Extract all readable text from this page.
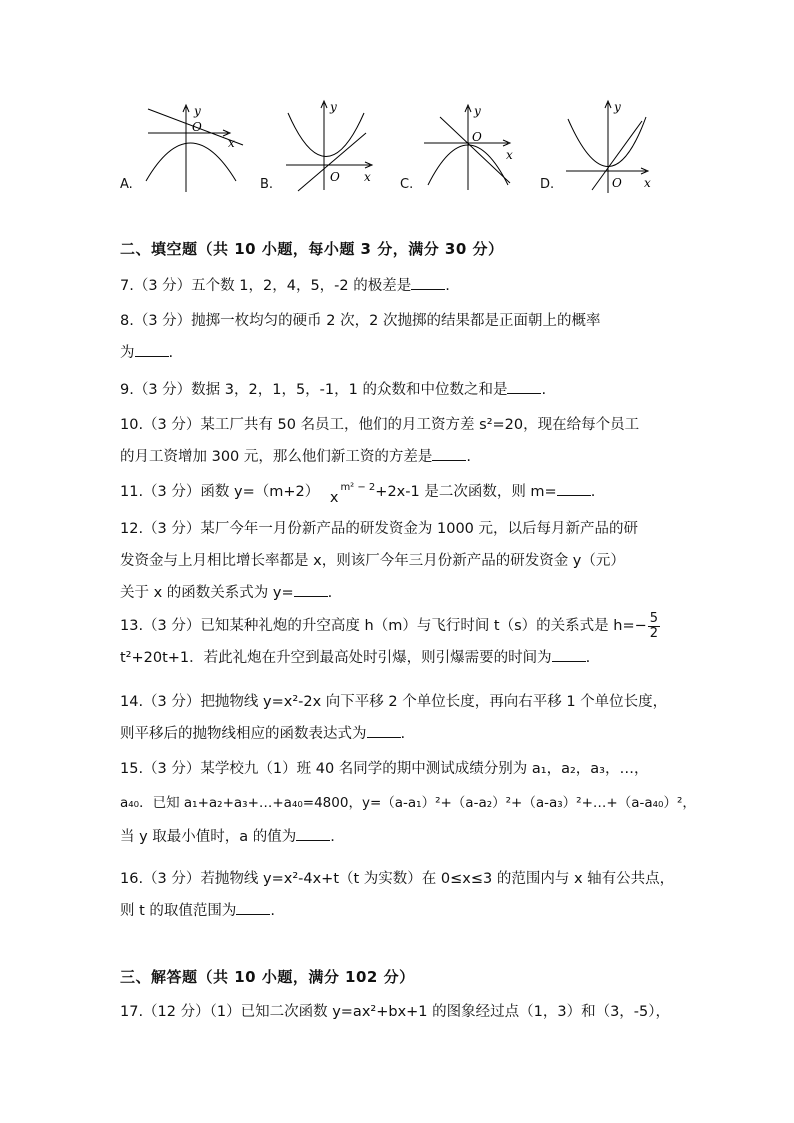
A.
y
O
x
B.
y
O x C.
y
O
x
D.
y
O x
二、填空题（共 10 小题，每小题 3 分，满分 30 分）
7.（3 分）五个数 1，2，4，5，-2 的极差是 .
8.（3 分）抛掷一枚均匀的硬币 2 次，2 次抛掷的结果都是正面朝上的概率
为 .
9.（3 分）数据 3，2，1，5，-1，1 的众数和中位数之和是 .
10.（3 分）某工厂共有 50 名员工，他们的月工资方差 s²=20，现在给每个员工
的月工资增加 300 元，那么他们新工资的方差是 .
11.（3 分）函数 y=（m+2） $x^{m^2 - 2}+2x-1$ 是二次函数，则 m= .
12.（3 分）某厂今年一月份新产品的研发资金为 1000 元，以后每月新产品的研
发资金与上月相比增长率都是 x，则该厂今年三月份新产品的研发资金 y（元）
关于 x 的函数关系式为 y= .
13.（3 分）已知某种礼炮的升空高度 h（m）与飞行时间 t（s）的关系式是 $h=- \frac{5}{2}$
t²+20t+1．若此礼炮在升空到最高处时引爆，则引爆需要的时间为 .
14.（3 分）把抛物线 y=x²-2x 向下平移 2 个单位长度，再向右平移 1 个单位长度，
则平移后的抛物线相应的函数表达式为 .
15.（3 分）某学校九（1）班 40 名同学的期中测试成绩分别为 a₁，a₂，a₃，…，
a₄₀．已知 a₁+a₂+a₃+…+a₄₀=4800，y=（a-a₁）²+（a-a₂）²+（a-a₃）²+…+（a-a₄₀）²，
当 y 取最小值时，a 的值为 .
16.（3 分）若抛物线 y=x²-4x+t（t 为实数）在 0≤x≤3 的范围内与 x 轴有公共点，
则 t 的取值范围为 .
三、解答题（共 10 小题，满分 102 分）
17.（12 分）（1）已知二次函数 y=ax²+bx+1 的图象经过点（1，3）和（3，-5），
